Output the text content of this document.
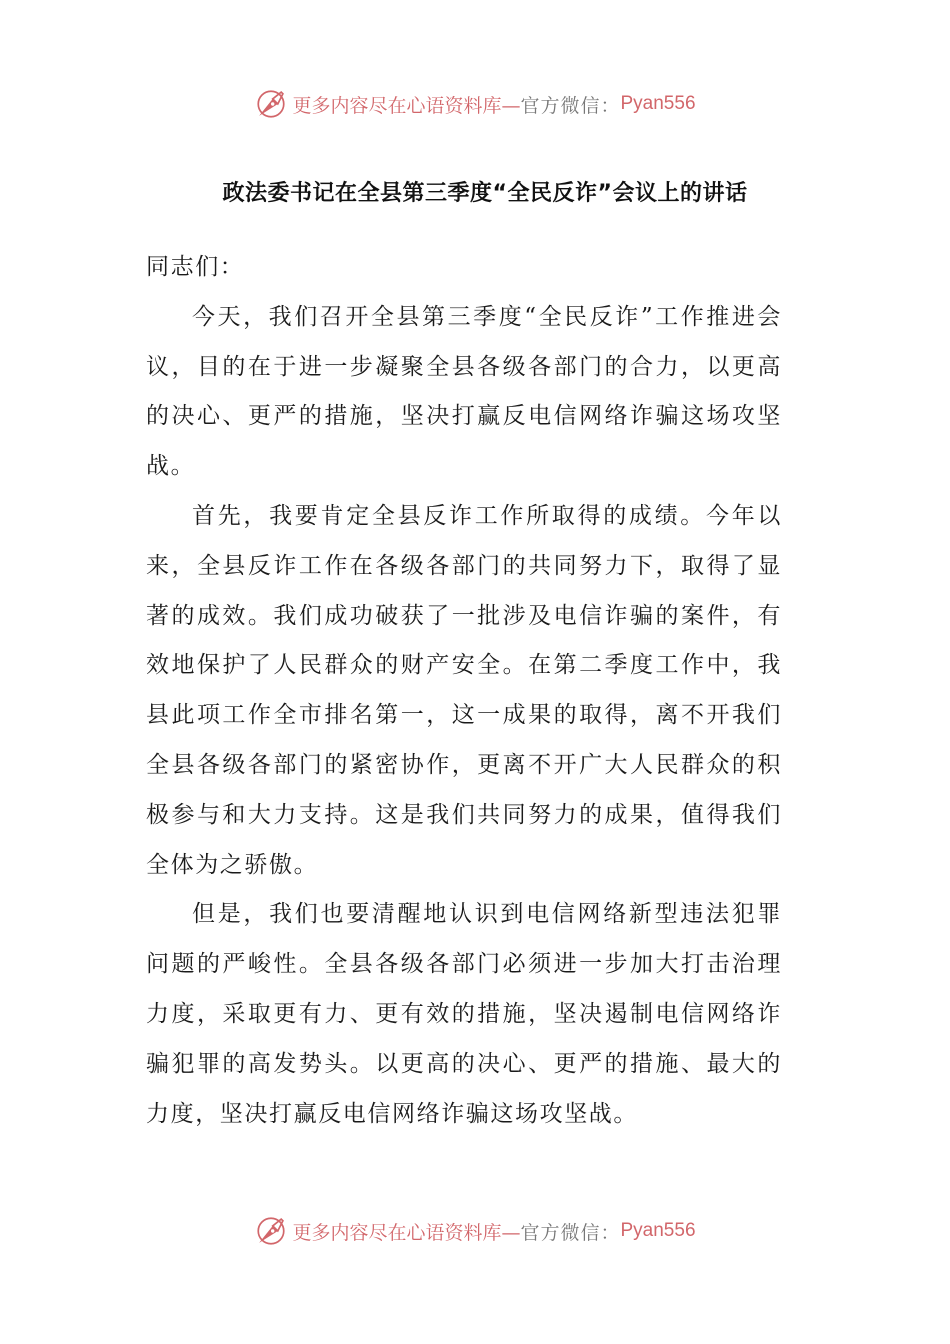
更多内容尽在心语资料库— 官方微信： Pyan556
政法委书记在全县第三季度“全民反诈”会议上的讲话

同志们：

今天，我们召开全县第三季度“全民反诈”工作推进会议，目的在于进一步凝聚全县各级各部门的合力，以更高的决心、更严的措施，坚决打赢反电信网络诈骗这场攻坚战。

首先，我要肯定全县反诈工作所取得的成绩。今年以来，全县反诈工作在各级各部门的共同努力下，取得了显著的成效。我们成功破获了一批涉及电信诈骗的案件，有效地保护了人民群众的财产安全。在第二季度工作中，我县此项工作全市排名第一，这一成果的取得，离不开我们全县各级各部门的紧密协作，更离不开广大人民群众的积极参与和大力支持。这是我们共同努力的成果，值得我们全体为之骄傲。

但是，我们也要清醒地认识到电信网络新型违法犯罪问题的严峻性。全县各级各部门必须进一步加大打击治理力度，采取更有力、更有效的措施，坚决遏制电信网络诈骗犯罪的高发势头。以更高的决心、更严的措施、最大的力度，坚决打赢反电信网络诈骗这场攻坚战。

更多内容尽在心语资料库— 官方微信： Pyan556
